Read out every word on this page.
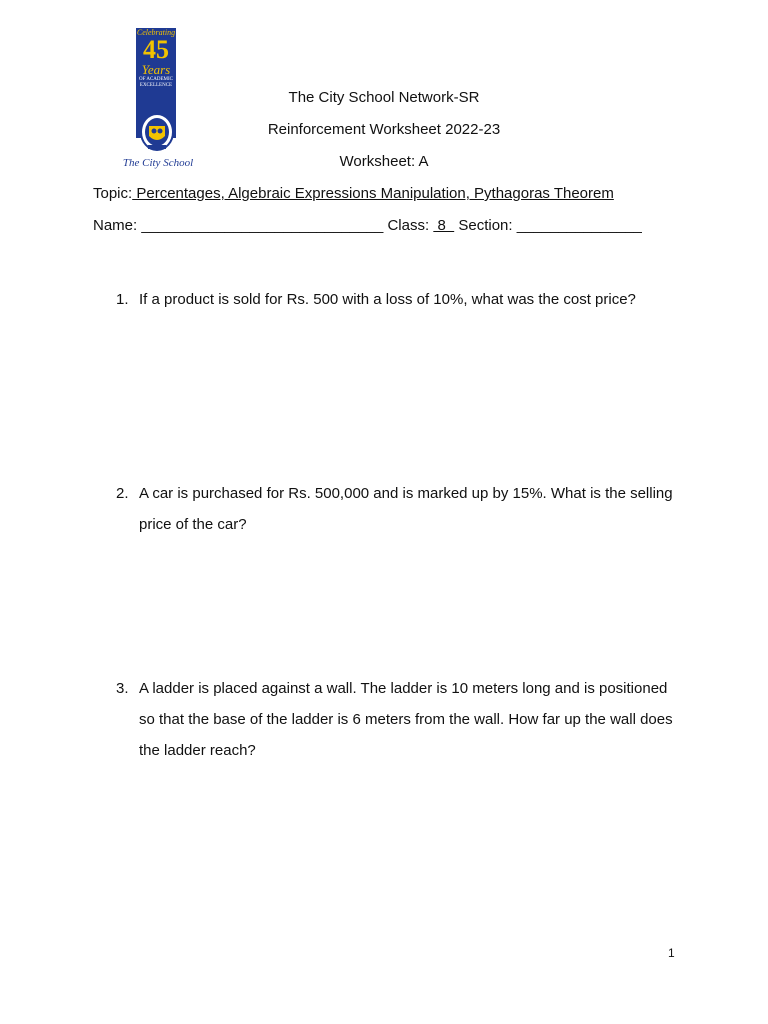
Celebrating
45
Years
OF ACADEMIC EXCELLENCE
The City School
The City School Network-SR
Reinforcement Worksheet 2022-23
Worksheet: A
Topic: Percentages, Algebraic Expressions Manipulation, Pythagoras Theorem
Name: _____________________________ Class:  8   Section: _______________
1. If a product is sold for Rs. 500 with a loss of 10%, what was the cost price?
2. A car is purchased for Rs. 500,000 and is marked up by 15%. What is the selling price of the car?
3. A ladder is placed against a wall. The ladder is 10 meters long and is positioned so that the base of the ladder is 6 meters from the wall. How far up the wall does the ladder reach?
1
